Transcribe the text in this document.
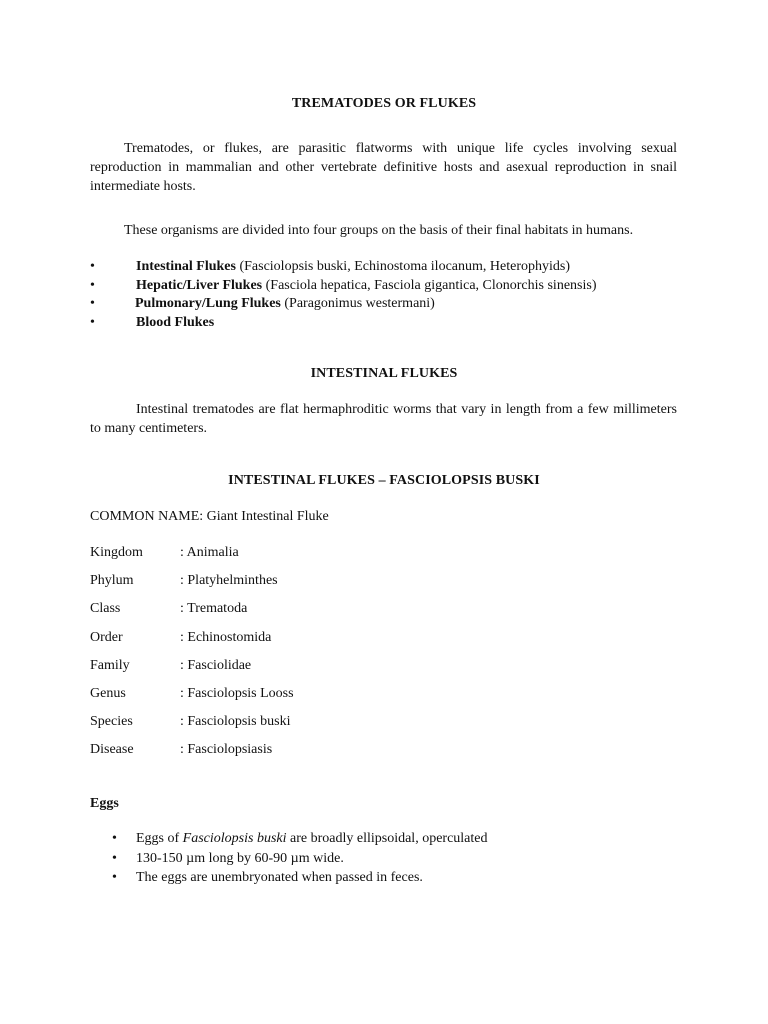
TREMATODES OR FLUKES
Trematodes, or flukes, are parasitic flatworms with unique life cycles involving sexual reproduction in mammalian and other vertebrate definitive hosts and asexual reproduction in snail intermediate hosts.
These organisms are divided into four groups on the basis of their final habitats in humans.
•	Intestinal Flukes (Fasciolopsis buski, Echinostoma ilocanum, Heterophyids)
•	Hepatic/Liver Flukes (Fasciola hepatica, Fasciola gigantica, Clonorchis sinensis)
•	Pulmonary/Lung Flukes (Paragonimus westermani)
•	Blood Flukes
INTESTINAL FLUKES
Intestinal trematodes are flat hermaphroditic worms that vary in length from a few millimeters to many centimeters.
INTESTINAL FLUKES – FASCIOLOPSIS BUSKI
COMMON NAME: Giant Intestinal Fluke
Kingdom	: Animalia
Phylum	: Platyhelminthes
Class	: Trematoda
Order	: Echinostomida
Family	: Fasciolidae
Genus	: Fasciolopsis Looss
Species	: Fasciolopsis buski
Disease	: Fasciolopsiasis
Eggs
• Eggs of Fasciolopsis buski are broadly ellipsoidal, operculated
• 130-150 µm long by 60-90 µm wide.
• The eggs are unembryonated when passed in feces.
